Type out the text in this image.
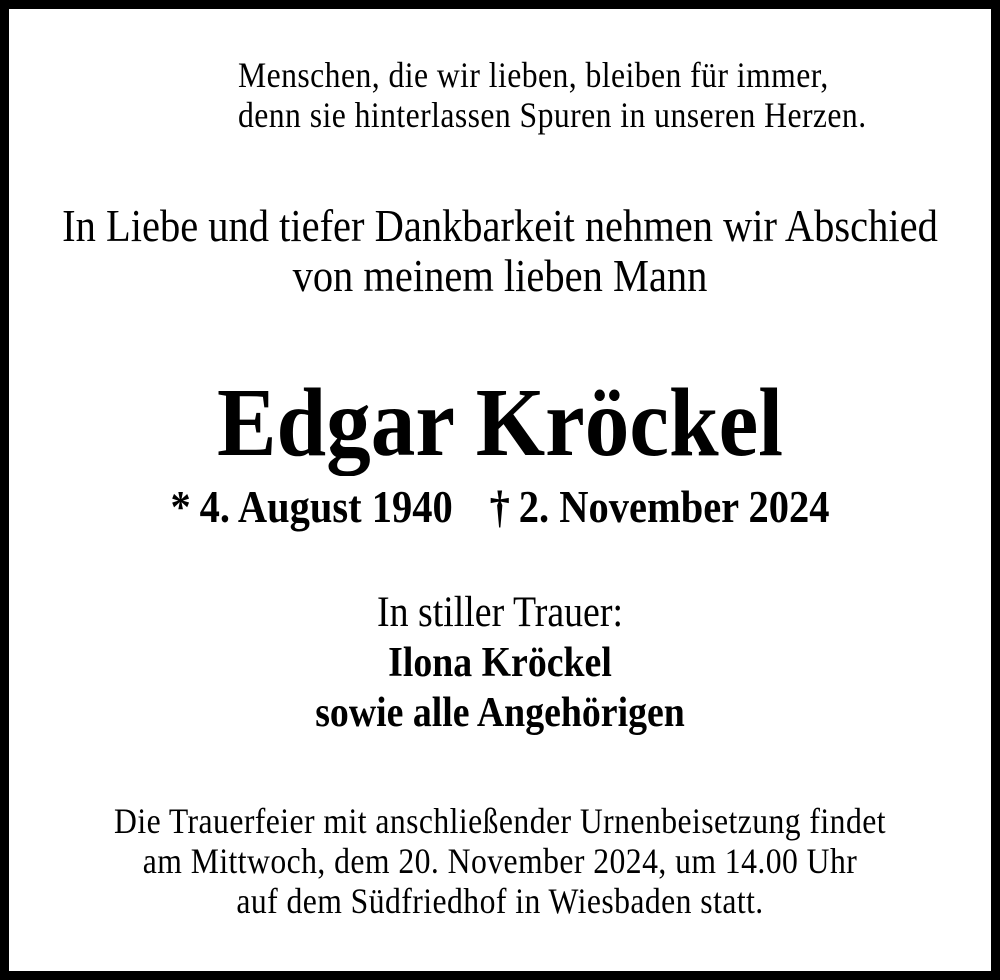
Menschen, die wir lieben, bleiben für immer,
denn sie hinterlassen Spuren in unseren Herzen.
In Liebe und tiefer Dankbarkeit nehmen wir Abschied
von meinem lieben Mann
Edgar Kröckel
* 4. August 1940 † 2. November 2024
In stiller Trauer:
Ilona Kröckel
sowie alle Angehörigen
Die Trauerfeier mit anschließender Urnenbeisetzung findet
am Mittwoch, dem 20. November 2024, um 14.00 Uhr
auf dem Südfriedhof in Wiesbaden statt.
